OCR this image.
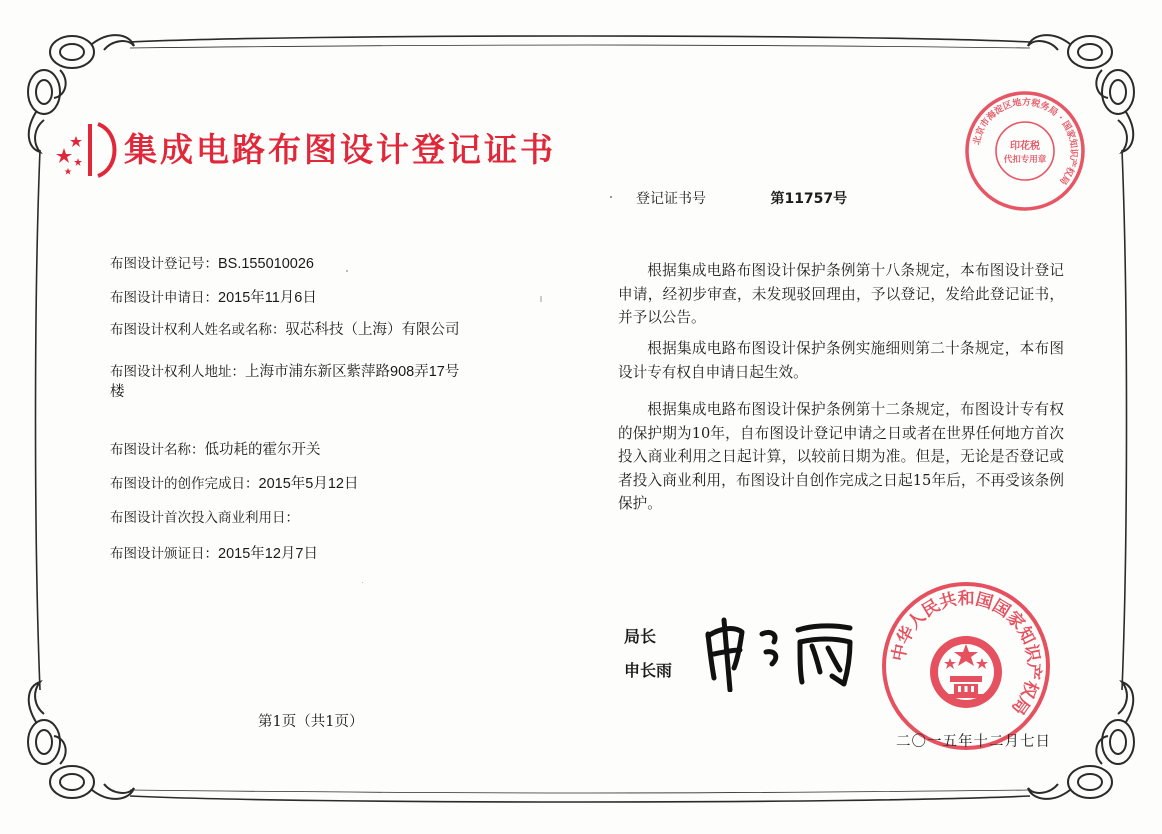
集成电路布图设计登记证书
登记证书号	第11757号

布图设计登记号：BS.155010026

布图设计申请日：2015年11月6日

布图设计权利人姓名或名称：驭芯科技（上海）有限公司

布图设计权利人地址：上海市浦东新区紫萍路908弄17号楼

布图设计名称：低功耗的霍尔开关

布图设计的创作完成日：2015年5月12日

布图设计首次投入商业利用日：

布图设计颁证日：2015年12月7日

根据集成电路布图设计保护条例第十八条规定，本布图设计登记申请，经初步审查，未发现驳回理由，予以登记，发给此登记证书，并予以公告。

根据集成电路布图设计保护条例实施细则第二十条规定，本布图设计专有权自申请日起生效。

根据集成电路布图设计保护条例第十二条规定，布图设计专有权的保护期为10年，自布图设计登记申请之日或者在世界任何地方首次投入商业利用之日起计算，以较前日期为准。但是，无论是否登记或者投入商业利用，布图设计自创作完成之日起15年后，不再受该条例保护。

局长
申长雨
北京市海淀区地方税务局 · 国家知识产权局
印花税
代扣专用章
中华人民共和国国家知识产权局
第1页（共1页）
二〇一五年十二月七日
